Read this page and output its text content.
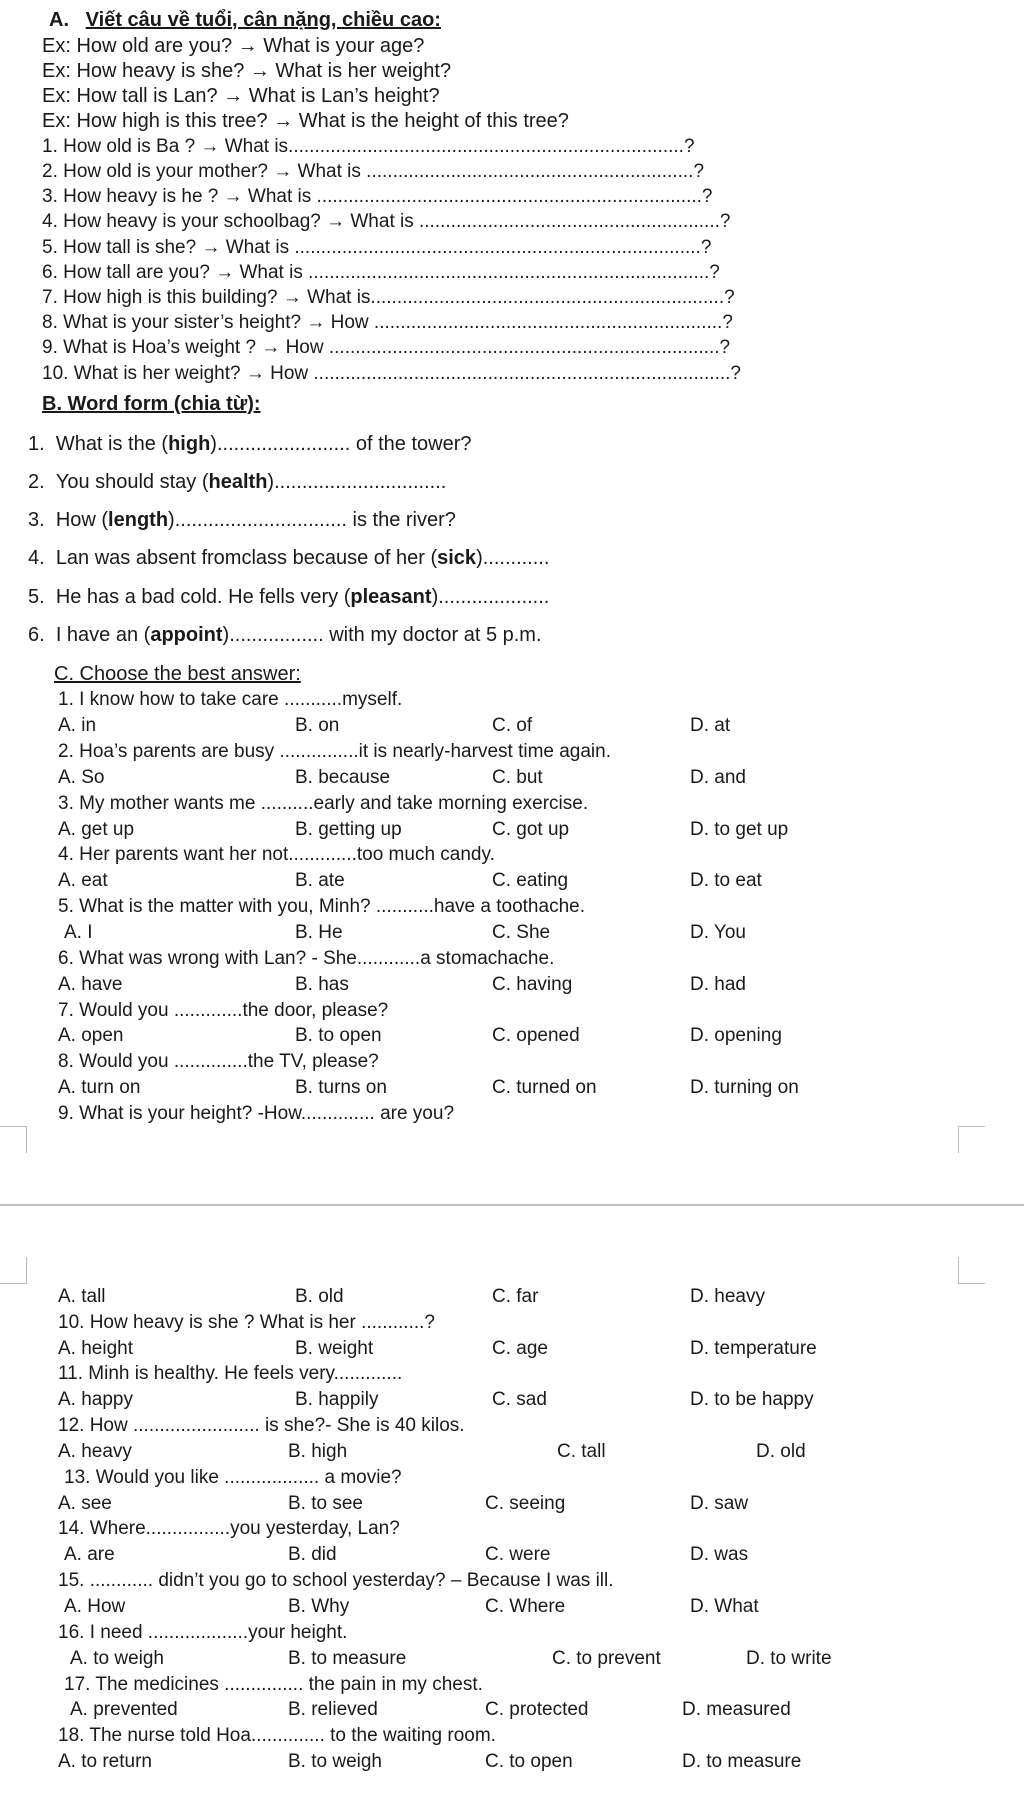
A. Viết câu về tuổi, cân nặng, chiều cao:
Ex: How old are you? → What is your age?
Ex: How heavy is she? → What is her weight?
Ex: How tall is Lan? → What is Lan’s height?
Ex: How high is this tree? → What is the height of this tree?
1. How old is Ba ? → What is...........................................................................?
2. How old is your mother? → What is ..............................................................?
3. How heavy is he ? → What is .........................................................................?
4. How heavy is your schoolbag? → What is .........................................................?
5. How tall is she? → What is .............................................................................?
6. How tall are you? → What is ............................................................................?
7. How high is this building? → What is...................................................................?
8. What is your sister’s height? → How ..................................................................?
9. What is Hoa’s weight ? → How ..........................................................................?
10. What is her weight? → How ...............................................................................?
B. Word form (chia từ):
1. What is the (high)........................ of the tower?
2. You should stay (health)...............................
3. How (length)............................... is the river?
4. Lan was absent fromclass because of her (sick)............
5. He has a bad cold. He fells very (pleasant)....................
6. I have an (appoint)................. with my doctor at 5 p.m.
C. Choose the best answer:
1. I know how to take care ...........myself.
A. in	B. on	C. of	D. at
2. Hoa’s parents are busy ...............it is nearly-harvest time again.
A. So	B. because	C. but	D. and
3. My mother wants me ..........early and take morning exercise.
A. get up	B. getting up	C. got up	D. to get up
4. Her parents want her not.............too much candy.
A. eat	B. ate	C. eating	D. to eat
5. What is the matter with you, Minh? ...........have a toothache.
A. I	B. He	C. She	D. You
6. What was wrong with Lan? - She............a stomachache.
A. have	B. has	C. having	D. had
7. Would you .............the door, please?
A. open	B. to open	C. opened	D. opening
8. Would you ..............the TV, please?
A. turn on	B. turns on	C. turned on	D. turning on
9. What is your height? -How.............. are you?
A. tall	B. old	C. far	D. heavy
10. How heavy is she ? What is her ............?
A. height	B. weight	C. age	D. temperature
11. Minh is healthy. He feels very.............
A. happy	B. happily	C. sad	D. to be happy
12. How ........................ is she?- She is 40 kilos.
A. heavy	B. high	C. tall	D. old
13. Would you like .................. a movie?
A. see	B. to see	C. seeing	D. saw
14. Where................you yesterday, Lan?
A. are	B. did	C. were	D. was
15. ............ didn’t you go to school yesterday? – Because I was ill.
A. How	B. Why	C. Where	D. What
16. I need ...................your height.
A. to weigh	B. to measure	C. to prevent	D. to write
17. The medicines ............... the pain in my chest.
A. prevented	B. relieved	C. protected	D. measured
18. The nurse told Hoa.............. to the waiting room.
A. to return	B. to weigh	C. to open	D. to measure
